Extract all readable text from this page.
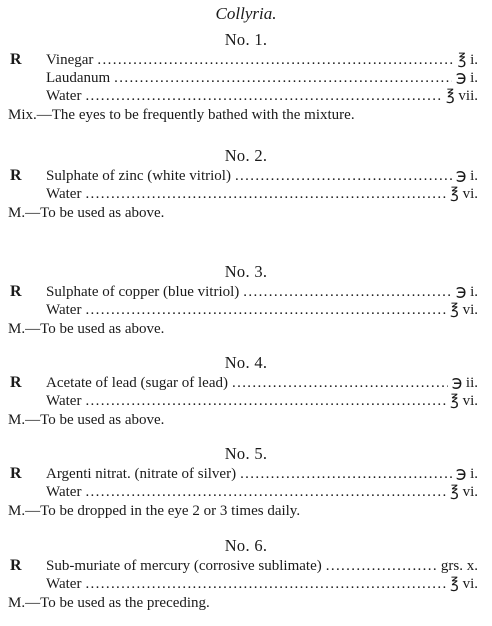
Collyria.
No. 1.
R Vinegar . . .	℥ i.
Laudanum . . .	℈ i.
Water . . .	℥ vii.
Mix.—The eyes to be frequently bathed with the mixture.
No. 2.
R Sulphate of zinc (white vitriol) . . .	℈ i.
Water . . .	℥ vi.
M.—To be used as above.
No. 3.
R Sulphate of copper (blue vitriol) . . .	℈ i.
Water . . .	℥ vi.
M.—To be used as above.
No. 4.
R Acetate of lead (sugar of lead) . . .	℈ ii.
Water . . .	℥ vi.
M.—To be used as above.
No. 5.
R Argenti nitrat. (nitrate of silver) . . .	℈ i.
Water . . .	℥ vi.
M.—To be dropped in the eye 2 or 3 times daily.
No. 6.
R Sub-muriate of mercury (corrosive sublimate) . . .	grs. x.
Water . . .	℥ vi.
M.—To be used as the preceding.
